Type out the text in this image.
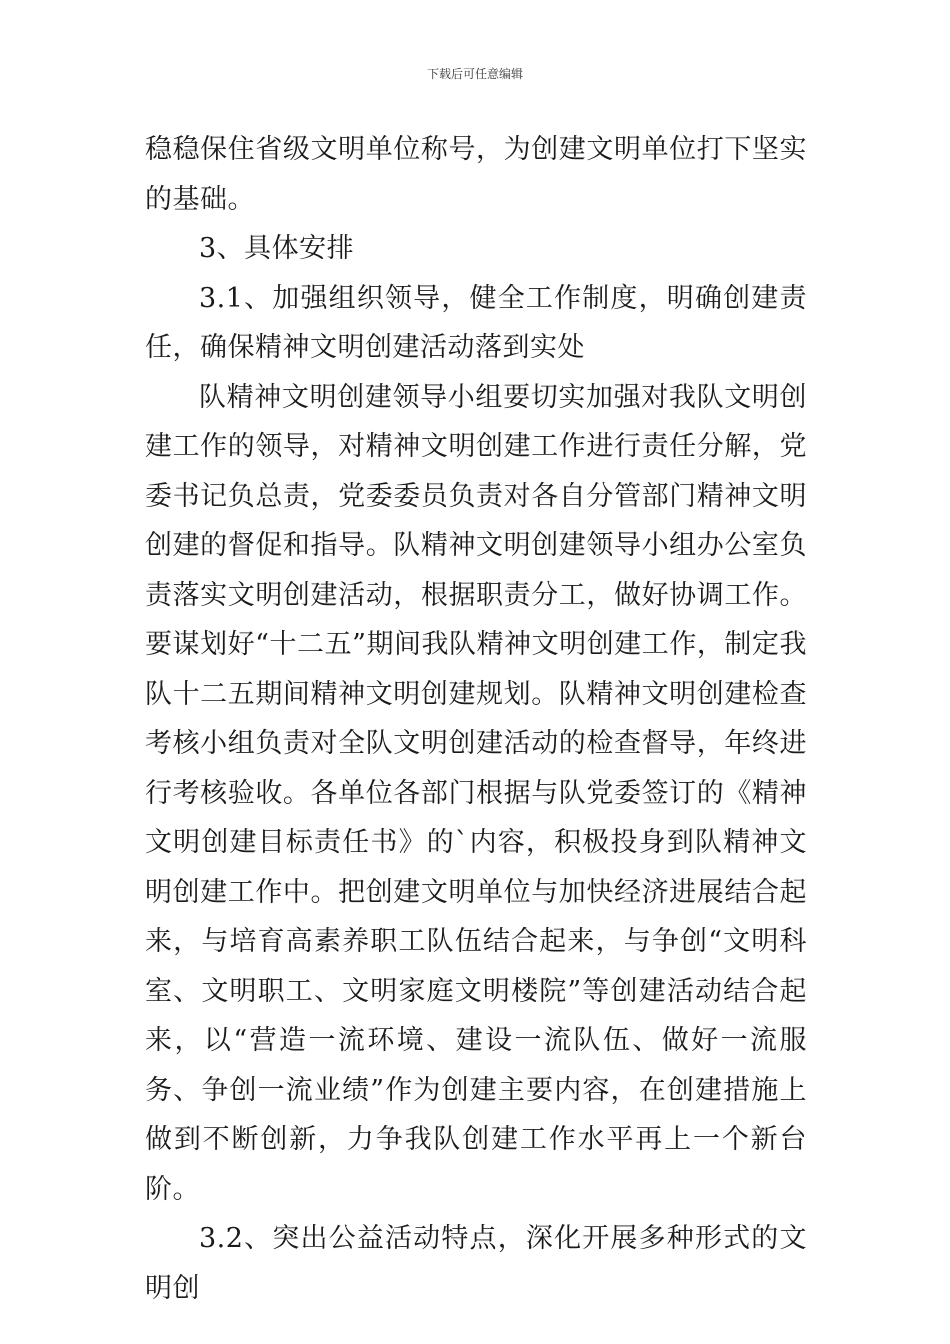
下载后可任意编辑

稳稳保住省级文明单位称号，为创建文明单位打下坚实的基础。

3、具体安排

3.1、加强组织领导，健全工作制度，明确创建责任，确保精神文明创建活动落到实处

队精神文明创建领导小组要切实加强对我队文明创建工作的领导，对精神文明创建工作进行责任分解，党委书记负总责，党委委员负责对各自分管部门精神文明创建的督促和指导。队精神文明创建领导小组办公室负责落实文明创建活动，根据职责分工，做好协调工作。要谋划好“十二五”期间我队精神文明创建工作，制定我队十二五期间精神文明创建规划。队精神文明创建检查考核小组负责对全队文明创建活动的检查督导，年终进行考核验收。各单位各部门根据与队党委签订的《精神文明创建目标责任书》的`内容，积极投身到队精神文明创建工作中。把创建文明单位与加快经济进展结合起来，与培育高素养职工队伍结合起来，与争创“文明科室、文明职工、文明家庭文明楼院”等创建活动结合起来，以“营造一流环境、建设一流队伍、做好一流服务、争创一流业绩”作为创建主要内容，在创建措施上做到不断创新，力争我队创建工作水平再上一个新台阶。

3.2、突出公益活动特点，深化开展多种形式的文明创
